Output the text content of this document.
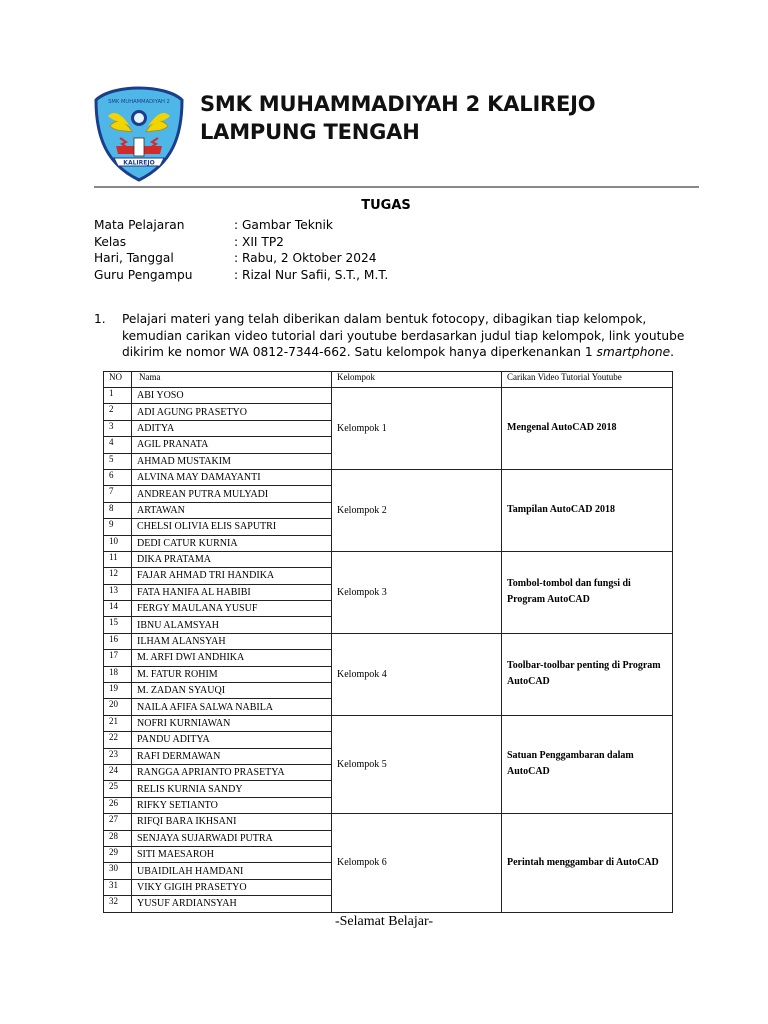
KALIREJO
SMK MUHAMMADIYAH 2 SMK MUHAMMADIYAH 2 KALIREJO
LAMPUNG TENGAH
TUGAS
Mata Pelajaran	: Gambar Teknik
Kelas	: XII TP2
Hari, Tanggal	: Rabu, 2 Oktober 2024
Guru Pengampu	: Rizal Nur Safii, S.T., M.T.
1.	Pelajari materi yang telah diberikan dalam bentuk fotocopy, dibagikan tiap kelompok, kemudian carikan video tutorial dari youtube berdasarkan judul tiap kelompok, link youtube dikirim ke nomor WA 0812-7344-662. Satu kelompok hanya diperkenankan 1 smartphone.
NO	Nama	Kelompok	Carikan Video Tutorial Youtube
1	ABI YOSO	Kelompok 1	Mengenal AutoCAD 2018
2	ADI AGUNG PRASETYO		
3	ADITYA		
4	AGIL PRANATA		
5	AHMAD MUSTAKIM		
6	ALVINA MAY DAMAYANTI	Kelompok 2	Tampilan AutoCAD 2018
7	ANDREAN PUTRA MULYADI		
8	ARTAWAN		
9	CHELSI OLIVIA ELIS SAPUTRI		
10	DEDI CATUR KURNIA		
11	DIKA PRATAMA	Kelompok 3	Tombol-tombol dan fungsi di Program AutoCAD
12	FAJAR AHMAD TRI HANDIKA		
13	FATA HANIFA AL HABIBI		
14	FERGY MAULANA YUSUF		
15	IBNU ALAMSYAH		
16	ILHAM ALANSYAH	Kelompok 4	Toolbar-toolbar penting di Program AutoCAD
17	M. ARFI DWI ANDHIKA		
18	M. FATUR ROHIM		
19	M. ZADAN SYAUQI		
20	NAILA AFIFA SALWA NABILA		
21	NOFRI KURNIAWAN	Kelompok 5	Satuan Penggambaran dalam AutoCAD
22	PANDU ADITYA		
23	RAFI DERMAWAN		
24	RANGGA APRIANTO PRASETYA		
25	RELIS KURNIA SANDY		
26	RIFKY SETIANTO		
27	RIFQI BARA IKHSANI	Kelompok 6	Perintah menggambar di AutoCAD
28	SENJAYA SUJARWADI PUTRA		
29	SITI MAESAROH		
30	UBAIDILAH HAMDANI		
31	VIKY GIGIH PRASETYO		
32	YUSUF ARDIANSYAH		
-Selamat Belajar-
